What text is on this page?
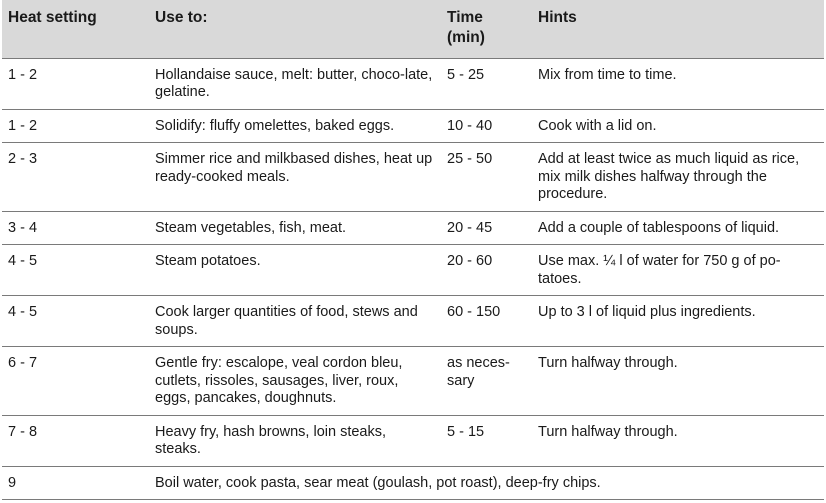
Heat setting	Use to:	Time (min)	Hints
1 - 2	Hollandaise sauce, melt: butter, choco-late, gelatine.	5 - 25	Mix from time to time.
1 - 2	Solidify: fluffy omelettes, baked eggs.	10 - 40	Cook with a lid on.
2 - 3	Simmer rice and milkbased dishes, heat up ready-cooked meals.	25 - 50	Add at least twice as much liquid as rice, mix milk dishes halfway through the procedure.
3 - 4	Steam vegetables, fish, meat.	20 - 45	Add a couple of tablespoons of liquid.
4 - 5	Steam potatoes.	20 - 60	Use max. ¼ l of water for 750 g of po-tatoes.
4 - 5	Cook larger quantities of food, stews and soups.	60 - 150	Up to 3 l of liquid plus ingredients.
6 - 7	Gentle fry: escalope, veal cordon bleu, cutlets, rissoles, sausages, liver, roux, eggs, pancakes, doughnuts.	as neces-sary	Turn halfway through.
7 - 8	Heavy fry, hash browns, loin steaks, steaks.	5 - 15	Turn halfway through.
9	Boil water, cook pasta, sear meat (goulash, pot roast), deep-fry chips.		
